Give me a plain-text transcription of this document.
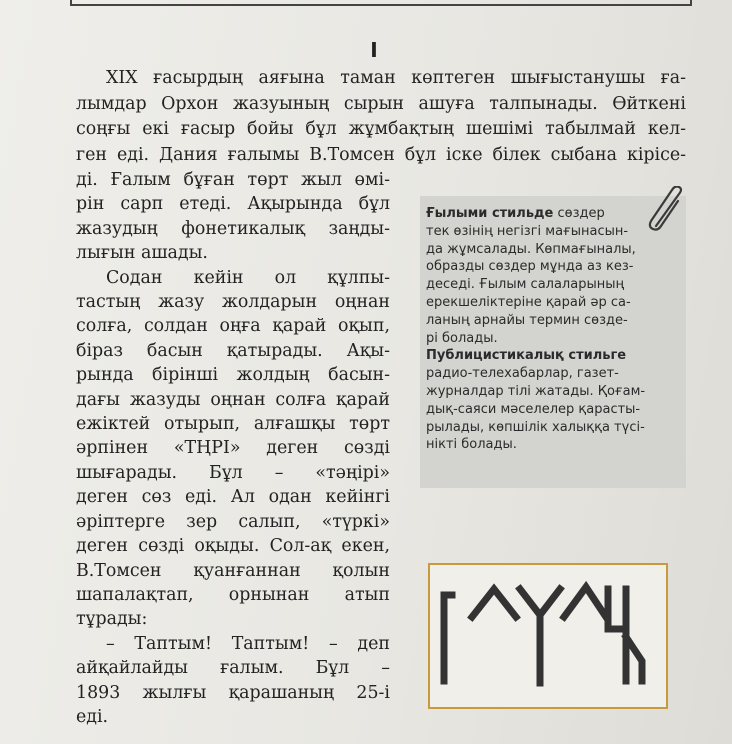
I
XIX ғасырдың аяғына таман көптеген шығыстанушы ға-
лымдар Орхон жазуының сырын ашуға талпынады. Өйткені
соңғы екі ғасыр бойы бұл жұмбақтың шешімі табылмай кел-
ген еді. Дания ғалымы В.Томсен бұл іске білек сыбана кірісе-
ді. Ғалым бұған төрт жыл өмі-
рін сарп етеді. Ақырында бұл
жазудың фонетикалық заңды-
лығын ашады.
Содан кейін ол құлпы-
тастың жазу жолдарын оңнан
солға, солдан оңға қарай оқып,
біраз басын қатырады. Ақы-
рында бірінші жолдың басын-
дағы жазуды оңнан солға қарай
ежіктей отырып, алғашқы төрт
әрпінен «ТҢРІ» деген сөзді
шығарады. Бұл – «тәңірі»
деген сөз еді. Ал одан кейінгі
әріптерге зер салып, «түркі»
деген сөзді оқыды. Сол-ақ екен,
В.Томсен қуанғаннан қолын
шапалақтап, орнынан атып
тұрады:
– Таптым! Таптым! – деп
айқайлайды ғалым. Бұл –
1893 жылғы қарашаның 25-і
еді.
Ғылыми стильде сөздер
тек өзінің негізгі мағынасын-
да жұмсалады. Көпмағыналы,
образды сөздер мұнда аз кез-
деседі. Ғылым салаларының
ерекшеліктеріне қарай әр са-
ланың арнайы термин сөзде-
рі болады.
Публицистикалық стильге
радио-телехабарлар, газет-
журналдар тілі жатады. Қоғам-
дық-саяси мәселелер қарасты-
рылады, көпшілік халыққа түсі-
нікті болады.
